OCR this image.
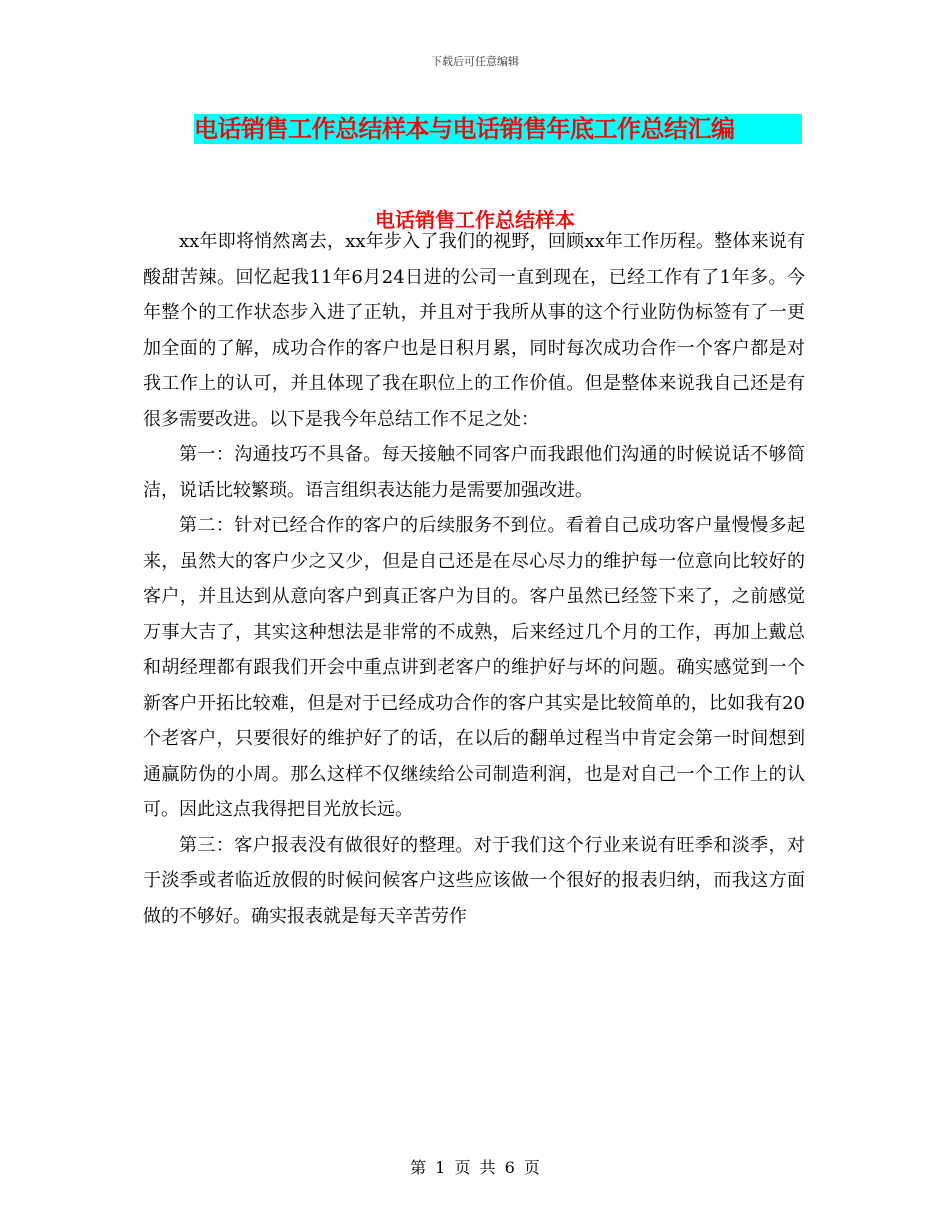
下载后可任意编辑
电话销售工作总结样本与电话销售年底工作总结汇编
电话销售工作总结样本

xx年即将悄然离去，xx年步入了我们的视野，回顾xx年工作历程。整体来说有酸甜苦辣。回忆起我11年6月24日进的公司一直到现在，已经工作有了1年多。今年整个的工作状态步入进了正轨，并且对于我所从事的这个行业防伪标签有了一更加全面的了解，成功合作的客户也是日积月累，同时每次成功合作一个客户都是对我工作上的认可，并且体现了我在职位上的工作价值。但是整体来说我自己还是有很多需要改进。以下是我今年总结工作不足之处：

第一：沟通技巧不具备。每天接触不同客户而我跟他们沟通的时候说话不够简洁，说话比较繁琐。语言组织表达能力是需要加强改进。

第二：针对已经合作的客户的后续服务不到位。看着自己成功客户量慢慢多起来，虽然大的客户少之又少，但是自己还是在尽心尽力的维护每一位意向比较好的客户，并且达到从意向客户到真正客户为目的。客户虽然已经签下来了，之前感觉万事大吉了，其实这种想法是非常的不成熟，后来经过几个月的工作，再加上戴总和胡经理都有跟我们开会中重点讲到老客户的维护好与坏的问题。确实感觉到一个新客户开拓比较难，但是对于已经成功合作的客户其实是比较简单的，比如我有20个老客户，只要很好的维护好了的话，在以后的翻单过程当中肯定会第一时间想到通赢防伪的小周。那么这样不仅继续给公司制造利润，也是对自己一个工作上的认可。因此这点我得把目光放长远。

第三：客户报表没有做很好的整理。对于我们这个行业来说有旺季和淡季，对于淡季或者临近放假的时候问候客户这些应该做一个很好的报表归纳，而我这方面做的不够好。确实报表就是每天辛苦劳作

第 1 页 共 6 页
